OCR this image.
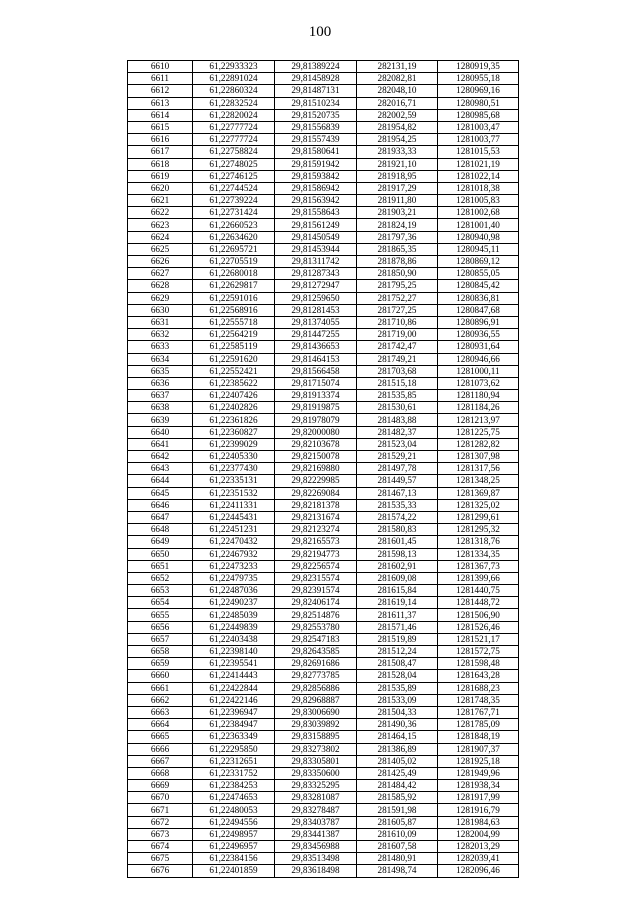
100
6610	61,22933323	29,81389224	282131,19	1280919,35
6611	61,22891024	29,81458928	282082,81	1280955,18
6612	61,22860324	29,81487131	282048,10	1280969,16
6613	61,22832524	29,81510234	282016,71	1280980,51
6614	61,22820024	29,81520735	282002,59	1280985,68
6615	61,22777724	29,81556839	281954,82	1281003,47
6616	61,22777724	29,81557439	281954,25	1281003,77
6617	61,22758824	29,81580641	281933,33	1281015,53
6618	61,22748025	29,81591942	281921,10	1281021,19
6619	61,22746125	29,81593842	281918,95	1281022,14
6620	61,22744524	29,81586942	281917,29	1281018,38
6621	61,22739224	29,81563942	281911,80	1281005,83
6622	61,22731424	29,81558643	281903,21	1281002,68
6623	61,22660523	29,81561249	281824,19	1281001,40
6624	61,22634620	29,81450549	281797,36	1280940,98
6625	61,22695721	29,81453944	281865,35	1280945,11
6626	61,22705519	29,81311742	281878,86	1280869,12
6627	61,22680018	29,81287343	281850,90	1280855,05
6628	61,22629817	29,81272947	281795,25	1280845,42
6629	61,22591016	29,81259650	281752,27	1280836,81
6630	61,22568916	29,81281453	281727,25	1280847,68
6631	61,22555718	29,81374055	281710,86	1280896,91
6632	61,22564219	29,81447255	281719,00	1280936,55
6633	61,22585119	29,81436653	281742,47	1280931,64
6634	61,22591620	29,81464153	281749,21	1280946,66
6635	61,22552421	29,81566458	281703,68	1281000,11
6636	61,22385622	29,81715074	281515,18	1281073,62
6637	61,22407426	29,81913374	281535,85	1281180,94
6638	61,22402826	29,81919875	281530,61	1281184,26
6639	61,22361826	29,81978079	281483,88	1281213,97
6640	61,22360827	29,82000080	281482,37	1281225,75
6641	61,22399029	29,82103678	281523,04	1281282,82
6642	61,22405330	29,82150078	281529,21	1281307,98
6643	61,22377430	29,82169880	281497,78	1281317,56
6644	61,22335131	29,82229985	281449,57	1281348,25
6645	61,22351532	29,82269084	281467,13	1281369,87
6646	61,22411331	29,82181378	281535,33	1281325,02
6647	61,22445431	29,82131674	281574,22	1281299,61
6648	61,22451231	29,82123274	281580,83	1281295,32
6649	61,22470432	29,82165573	281601,45	1281318,76
6650	61,22467932	29,82194773	281598,13	1281334,35
6651	61,22473233	29,82256574	281602,91	1281367,73
6652	61,22479735	29,82315574	281609,08	1281399,66
6653	61,22487036	29,82391574	281615,84	1281440,75
6654	61,22490237	29,82406174	281619,14	1281448,72
6655	61,22485039	29,82514876	281611,37	1281506,90
6656	61,22449839	29,82553780	281571,46	1281526,46
6657	61,22403438	29,82547183	281519,89	1281521,17
6658	61,22398140	29,82643585	281512,24	1281572,75
6659	61,22395541	29,82691686	281508,47	1281598,48
6660	61,22414443	29,82773785	281528,04	1281643,28
6661	61,22422844	29,82856886	281535,89	1281688,23
6662	61,22422146	29,82968887	281533,09	1281748,35
6663	61,22396947	29,83006690	281504,33	1281767,71
6664	61,22384947	29,83039892	281490,36	1281785,09
6665	61,22363349	29,83158895	281464,15	1281848,19
6666	61,22295850	29,83273802	281386,89	1281907,37
6667	61,22312651	29,83305801	281405,02	1281925,18
6668	61,22331752	29,83350600	281425,49	1281949,96
6669	61,22384253	29,83325295	281484,42	1281938,34
6670	61,22474653	29,83281087	281585,92	1281917,99
6671	61,22480053	29,83278487	281591,98	1281916,79
6672	61,22494556	29,83403787	281605,87	1281984,63
6673	61,22498957	29,83441387	281610,09	1282004,99
6674	61,22496957	29,83456988	281607,58	1282013,29
6675	61,22384156	29,83513498	281480,91	1282039,41
6676	61,22401859	29,83618498	281498,74	1282096,46
